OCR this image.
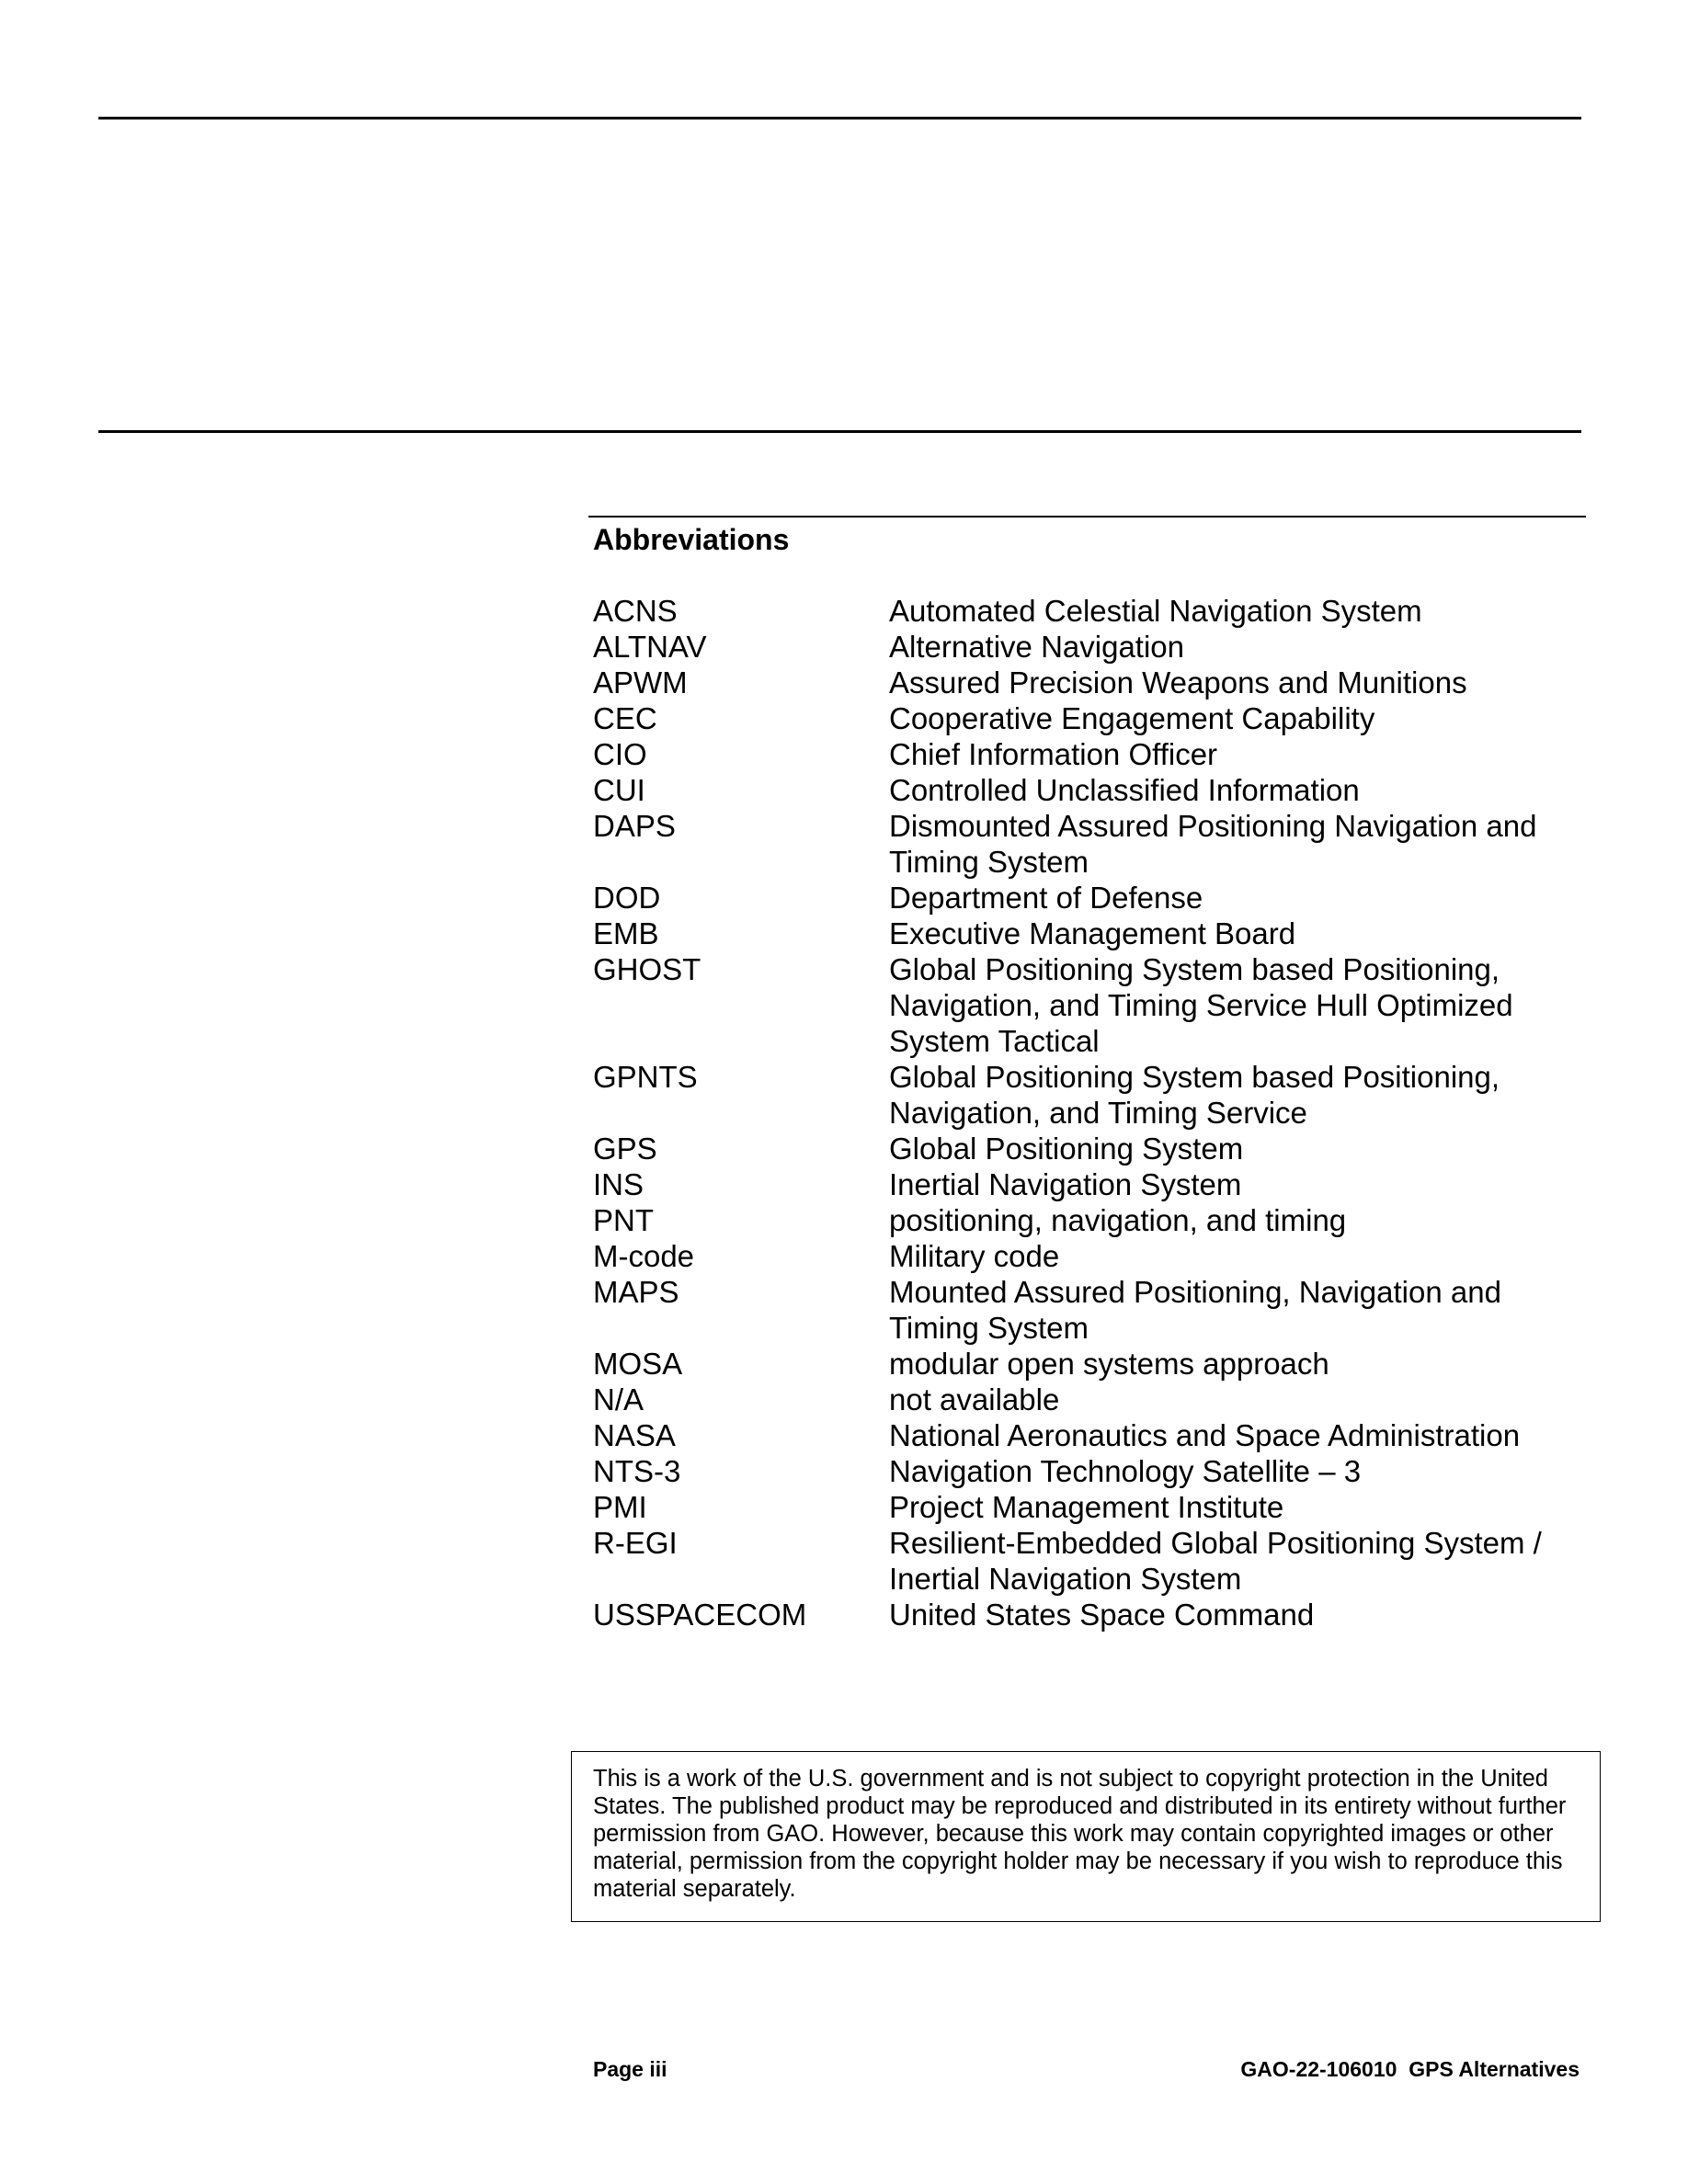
Abbreviations
ACNS	Automated Celestial Navigation System
ALTNAV	Alternative Navigation
APWM	Assured Precision Weapons and Munitions
CEC	Cooperative Engagement Capability
CIO	Chief Information Officer
CUI	Controlled Unclassified Information
DAPS	Dismounted Assured Positioning Navigation and Timing System
DOD	Department of Defense
EMB	Executive Management Board
GHOST	Global Positioning System based Positioning, Navigation, and Timing Service Hull Optimized System Tactical
GPNTS	Global Positioning System based Positioning, Navigation, and Timing Service
GPS	Global Positioning System
INS	Inertial Navigation System
PNT	positioning, navigation, and timing
M-code	Military code
MAPS	Mounted Assured Positioning, Navigation and Timing System
MOSA	modular open systems approach
N/A	not available
NASA	National Aeronautics and Space Administration
NTS-3	Navigation Technology Satellite – 3
PMI	Project Management Institute
R-EGI	Resilient-Embedded Global Positioning System / Inertial Navigation System
USSPACECOM	United States Space Command
This is a work of the U.S. government and is not subject to copyright protection in the United States. The published product may be reproduced and distributed in its entirety without further permission from GAO. However, because this work may contain copyrighted images or other material, permission from the copyright holder may be necessary if you wish to reproduce this material separately.
Page iii	GAO-22-106010  GPS Alternatives
